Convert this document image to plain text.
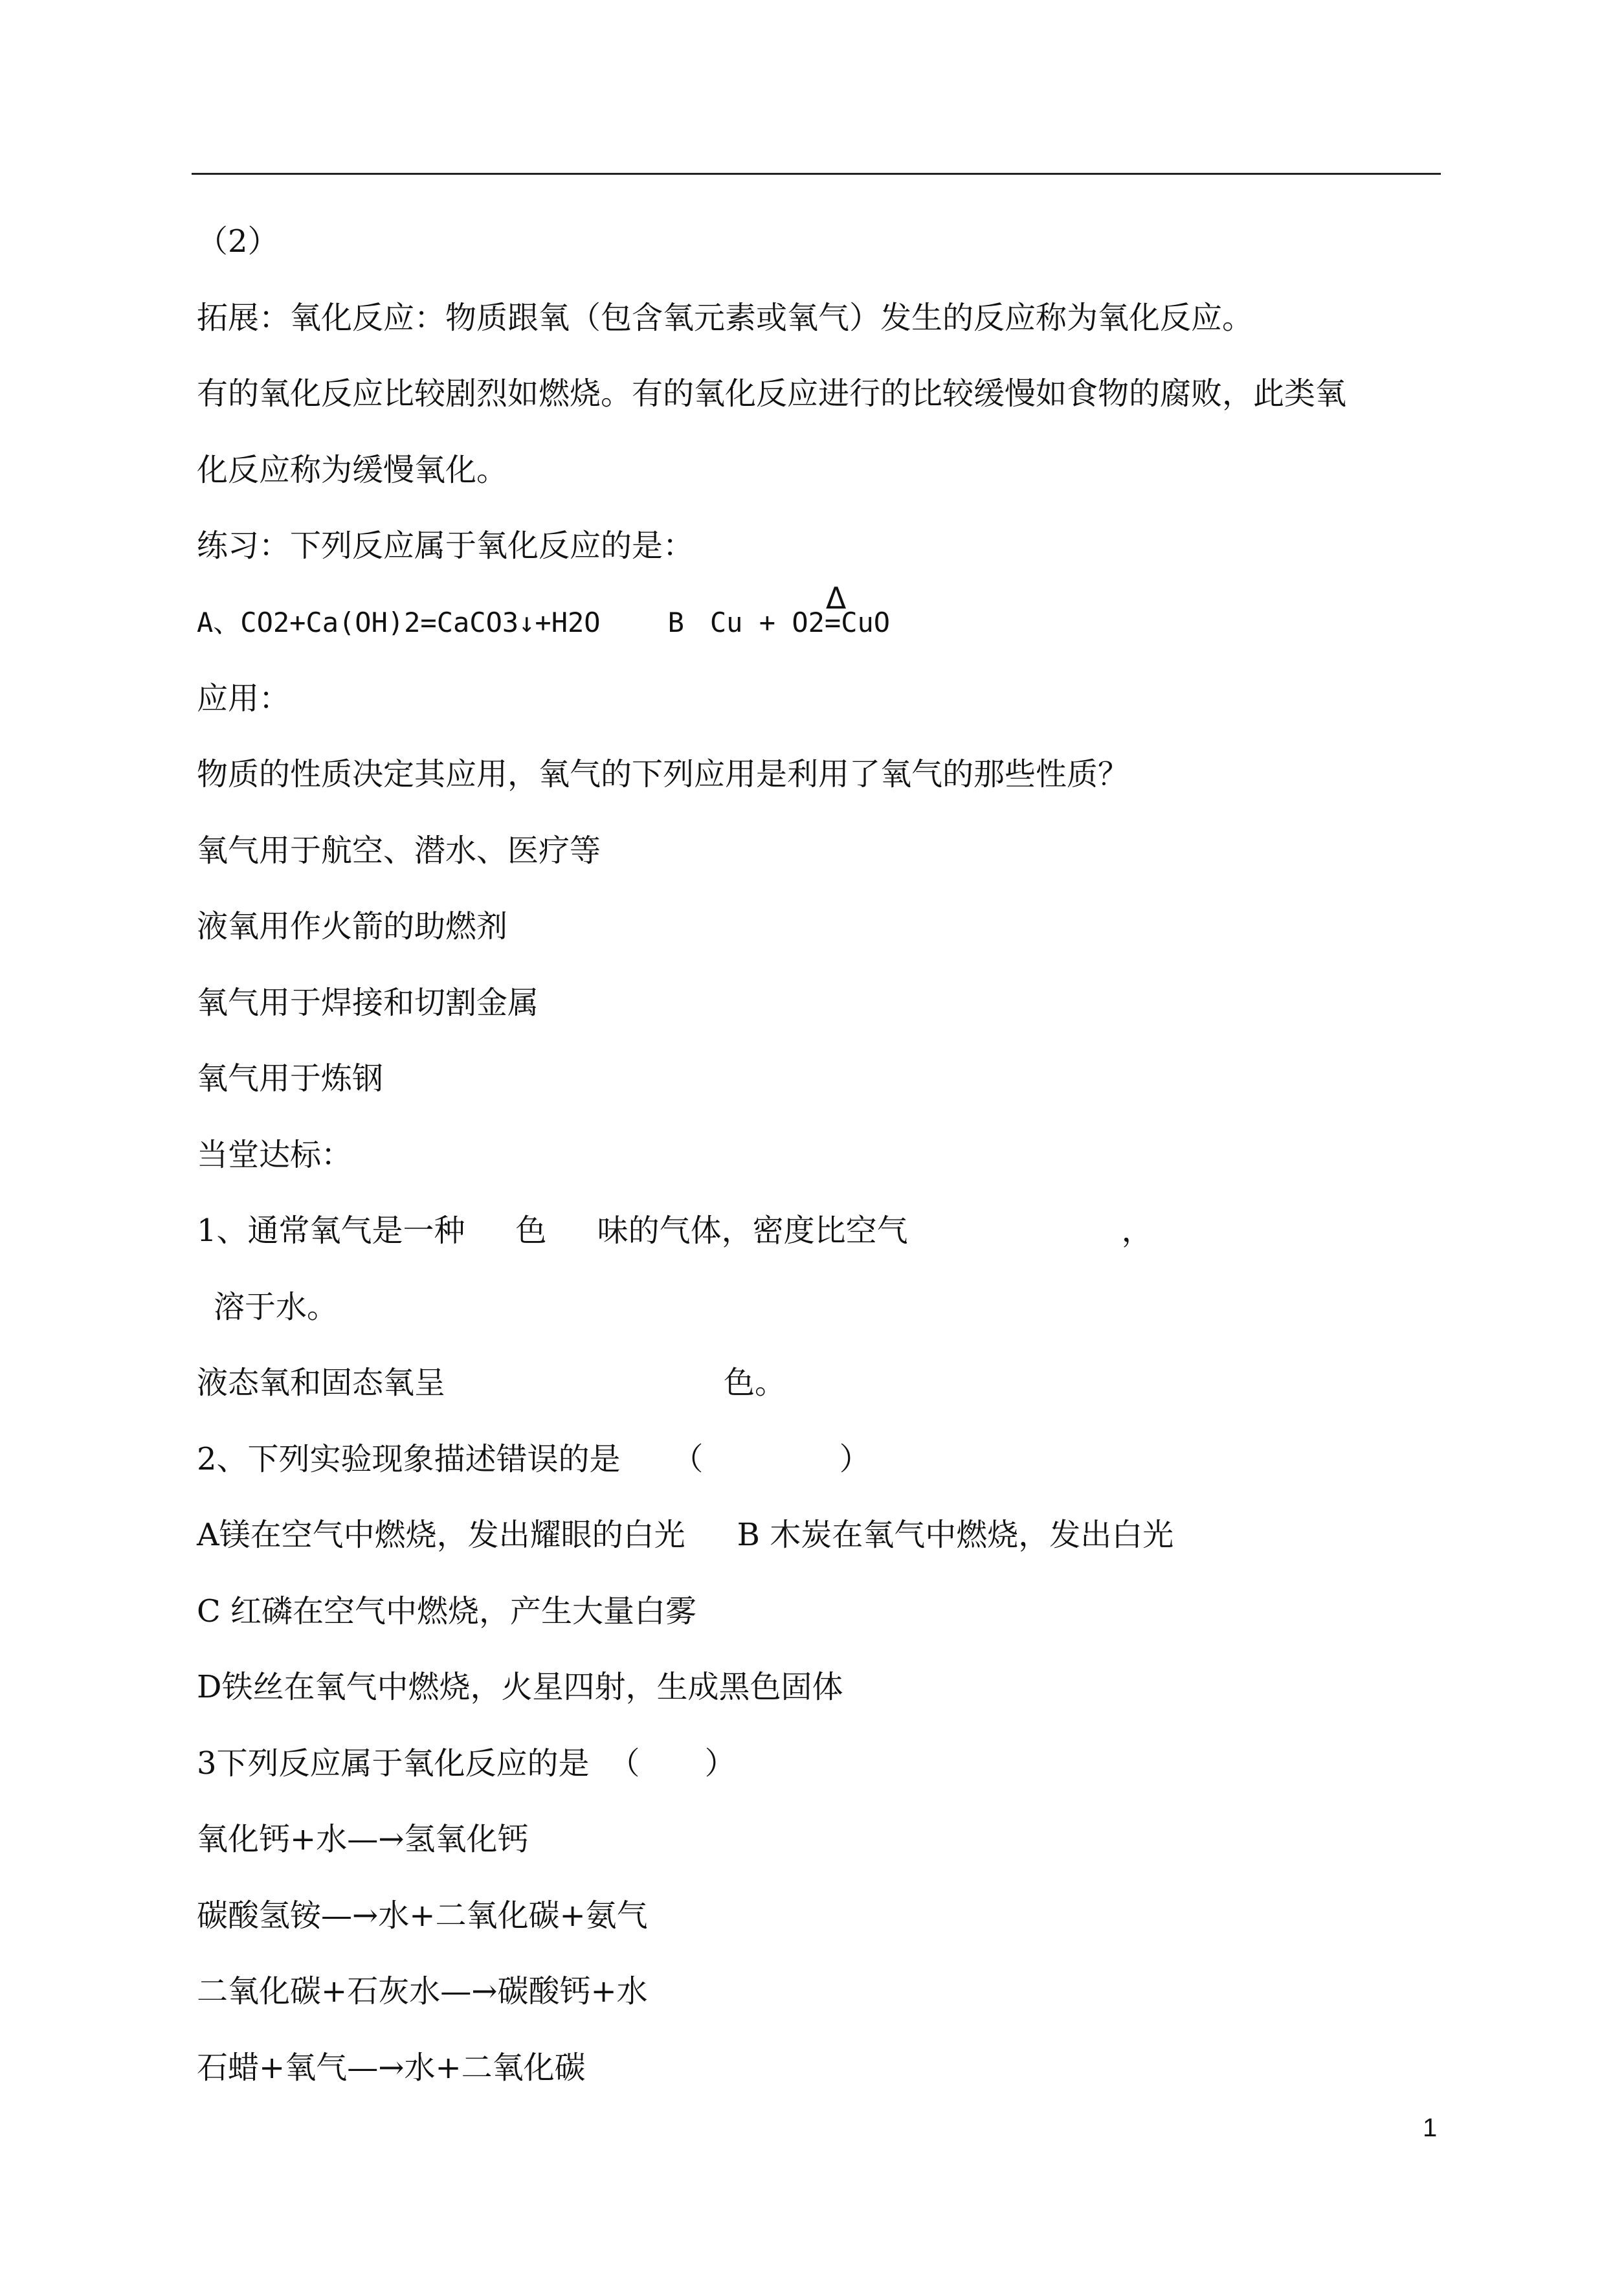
（2）
拓展：氧化反应：物质跟氧（包含氧元素或氧气）发生的反应称为氧化反应。
有的氧化反应比较剧烈如燃烧。有的氧化反应进行的比较缓慢如食物的腐败，此类氧
化反应称为缓慢氧化。
练习：下列反应属于氧化反应的是：
A、CO2+Ca(OH)2=CaCO3↓+H2O B Cu + O2
Δ
=CuO
应用：
物质的性质决定其应用，氧气的下列应用是利用了氧气的那些性质？
氧气用于航空、潜水、医疗等
液氧用作火箭的助燃剂
氧气用于焊接和切割金属
氧气用于炼钢
当堂达标：
1、通常氧气是一种 色 味的气体，密度比空气	，
溶于水。
液态氧和固态氧呈	色。
2、下列实验现象描述错误的是 （	）
A镁在空气中燃烧，发出耀眼的白光 B 木炭在氧气中燃烧，发出白光
C 红磷在空气中燃烧，产生大量白雾
D铁丝在氧气中燃烧，火星四射，生成黑色固体
3下列反应属于氧化反应的是 （ ）
氧化钙+水—→氢氧化钙
碳酸氢铵—→水+二氧化碳+氨气
二氧化碳+石灰水—→碳酸钙+水
石蜡+氧气—→水+二氧化碳
1
